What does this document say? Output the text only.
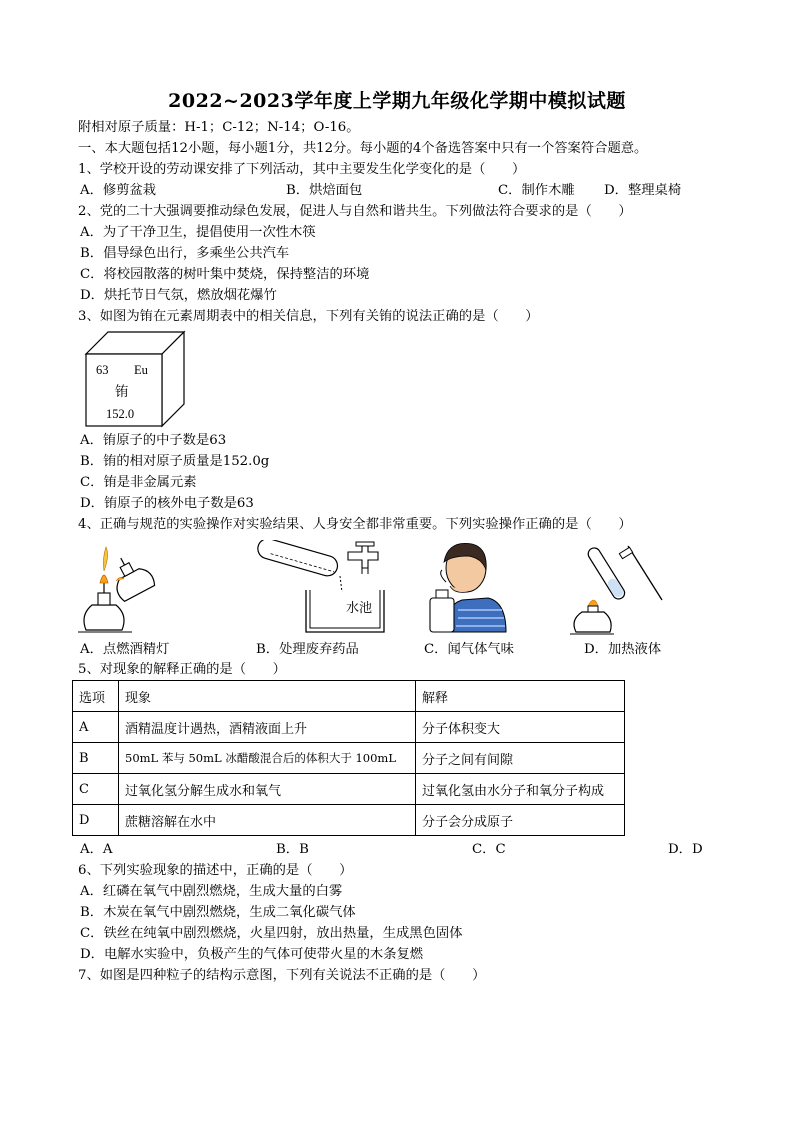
2022~2023学年度上学期九年级化学期中模拟试题
附相对原子质量：H-1；C-12；N-14；O-16。
一、本大题包括12小题，每小题1分，共12分。每小题的4个备选答案中只有一个答案符合题意。
1、学校开设的劳动课安排了下列活动，其中主要发生化学变化的是（　　）
A．修剪盆栽	B．烘焙面包	C．制作木雕 D．整理桌椅
2、党的二十大强调要推动绿色发展，促进人与自然和谐共生。下列做法符合要求的是（　　）
A．为了干净卫生，提倡使用一次性木筷
B．倡导绿色出行，多乘坐公共汽车
C．将校园散落的树叶集中焚烧，保持整洁的环境
D．烘托节日气氛，燃放烟花爆竹
3、如图为铕在元素周期表中的相关信息，下列有关铕的说法正确的是（　　）
63 Eu
铕
152.0
A．铕原子的中子数是63
B．铕的相对原子质量是152.0g
C．铕是非金属元素
D．铕原子的核外电子数是63
4、正确与规范的实验操作对实验结果、人身安全都非常重要。下列实验操作正确的是（　　）
水池
A．点燃酒精灯	B．处理废弃药品	C．闻气体气味	D．加热液体
5、对现象的解释正确的是（　　）
选项	现象	解释
A	酒精温度计遇热，酒精液面上升	分子体积变大
B	50mL 苯与 50mL 冰醋酸混合后的体积大于 100mL	分子之间有间隙
C	过氧化氢分解生成水和氧气	过氧化氢由水分子和氧分子构成
D	蔗糖溶解在水中	分子会分成原子
A．A	B．B	C．C	D．D
6、下列实验现象的描述中，正确的是（　　）
A．红磷在氧气中剧烈燃烧，生成大量的白雾
B．木炭在氧气中剧烈燃烧，生成二氧化碳气体
C．铁丝在纯氧中剧烈燃烧，火星四射，放出热量，生成黑色固体
D．电解水实验中，负极产生的气体可使带火星的木条复燃
7、如图是四种粒子的结构示意图，下列有关说法不正确的是（　　）
